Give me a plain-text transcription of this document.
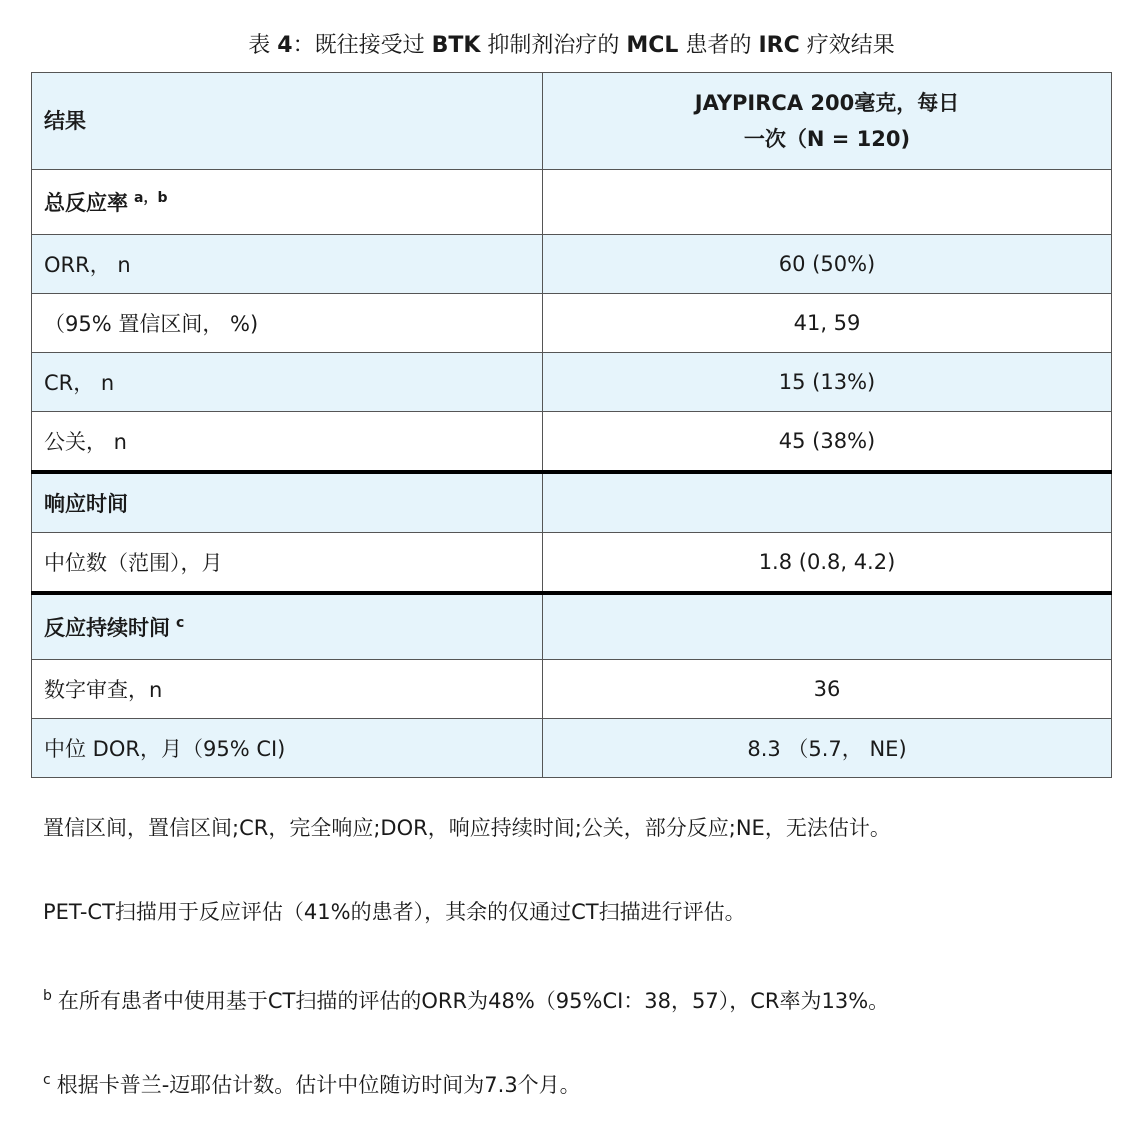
表 4：既往接受过 BTK 抑制剂治疗的 MCL 患者的 IRC 疗效结果
结果	JAYPIRCA 200毫克，每日
一次（N = 120)

总反应率 $^{a,b}$	
ORR， n	60 (50%)
（95% 置信区间， %)	41, 59
CR， n	15 (13%)
公关， n	45 (38%)
响应时间	
中位数（范围），月	1.8 (0.8, 4.2)
反应持续时间 $^c$	
数字审查，n	36
中位 DOR，月（95% CI)	8.3 （5.7， NE)

置信区间，置信区间;CR，完全响应;DOR，响应持续时间;公关，部分反应;NE，无法估计。

PET-CT扫描用于反应评估（41%的患者），其余的仅通过CT扫描进行评估。

$^b$ 在所有患者中使用基于CT扫描的评估的ORR为48%（95%CI：38，57），CR率为13%。

$^c$ 根据卡普兰-迈耶估计数。估计中位随访时间为7.3个月。
